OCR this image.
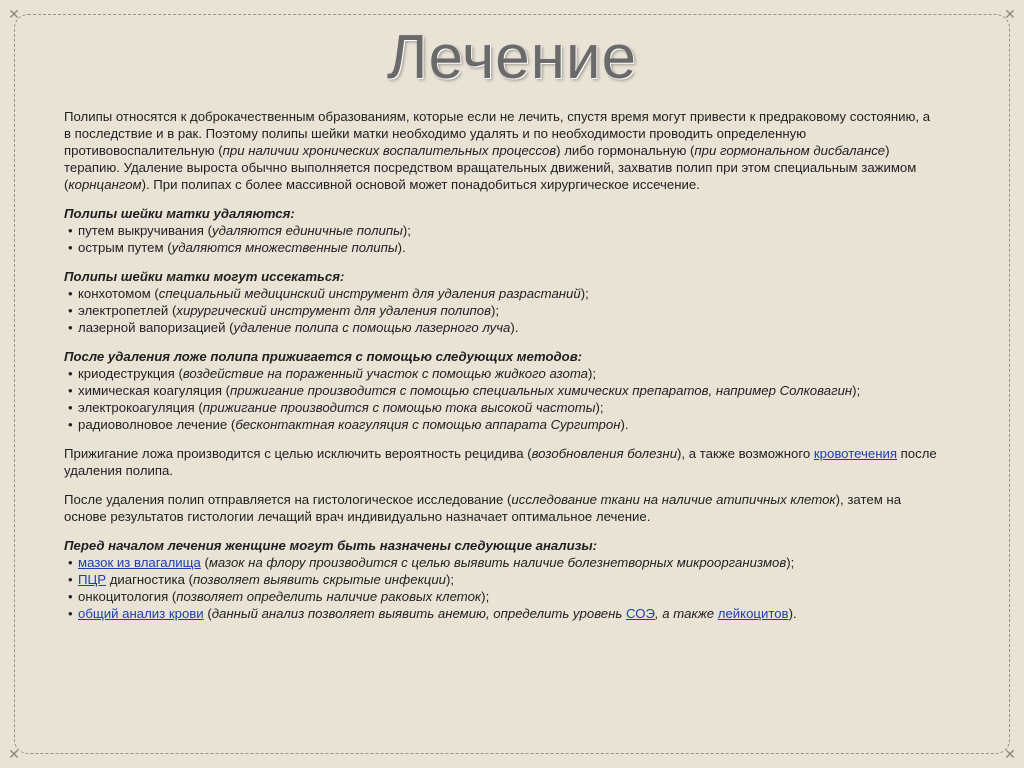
✕	✕
✕	✕
Лечение

Полипы относятся к доброкачественным образованиям, которые если не лечить, спустя время могут привести к предраковому состоянию, а в последствие и в рак. Поэтому полипы шейки матки необходимо удалять и по необходимости проводить определенную противовоспалительную (при наличии хронических воспалительных процессов) либо гормональную (при гормональном дисбалансе) терапию. Удаление выроста обычно выполняется посредством вращательных движений, захватив полип при этом специальным зажимом (корнцангом). При полипах с более массивной основой может понадобиться хирургическое иссечение.

Полипы шейки матки удаляются:
• путем выкручивания (удаляются единичные полипы);
• острым путем (удаляются множественные полипы).
Полипы шейки матки могут иссекаться:
• конхотомом (специальный медицинский инструмент для удаления разрастаний);
• электропетлей (хирургический инструмент для удаления полипов);
• лазерной вапоризацией (удаление полипа с помощью лазерного луча).
После удаления ложе полипа прижигается с помощью следующих методов:
• криодеструкция (воздействие на пораженный участок с помощью жидкого азота);
• химическая коагуляция (прижигание производится с помощью специальных химических препаратов, например Солковагин);
• электрокоагуляция (прижигание производится с помощью тока высокой частоты);
• радиоволновое лечение (бесконтактная коагуляция с помощью аппарата Сургитрон).

Прижигание ложа производится с целью исключить вероятность рецидива (возобновления болезни), а также возможного кровотечения после удаления полипа.

После удаления полип отправляется на гистологическое исследование (исследование ткани на наличие атипичных клеток), затем на основе результатов гистологии лечащий врач индивидуально назначает оптимальное лечение.

Перед началом лечения женщине могут быть назначены следующие анализы:
• мазок из влагалища (мазок на флору производится с целью выявить наличие болезнетворных микроорганизмов);
• ПЦР диагностика (позволяет выявить скрытые инфекции);
• онкоцитология (позволяет определить наличие раковых клеток);
• общий анализ крови (данный анализ позволяет выявить анемию, определить уровень СОЭ, а также лейкоцитов).
